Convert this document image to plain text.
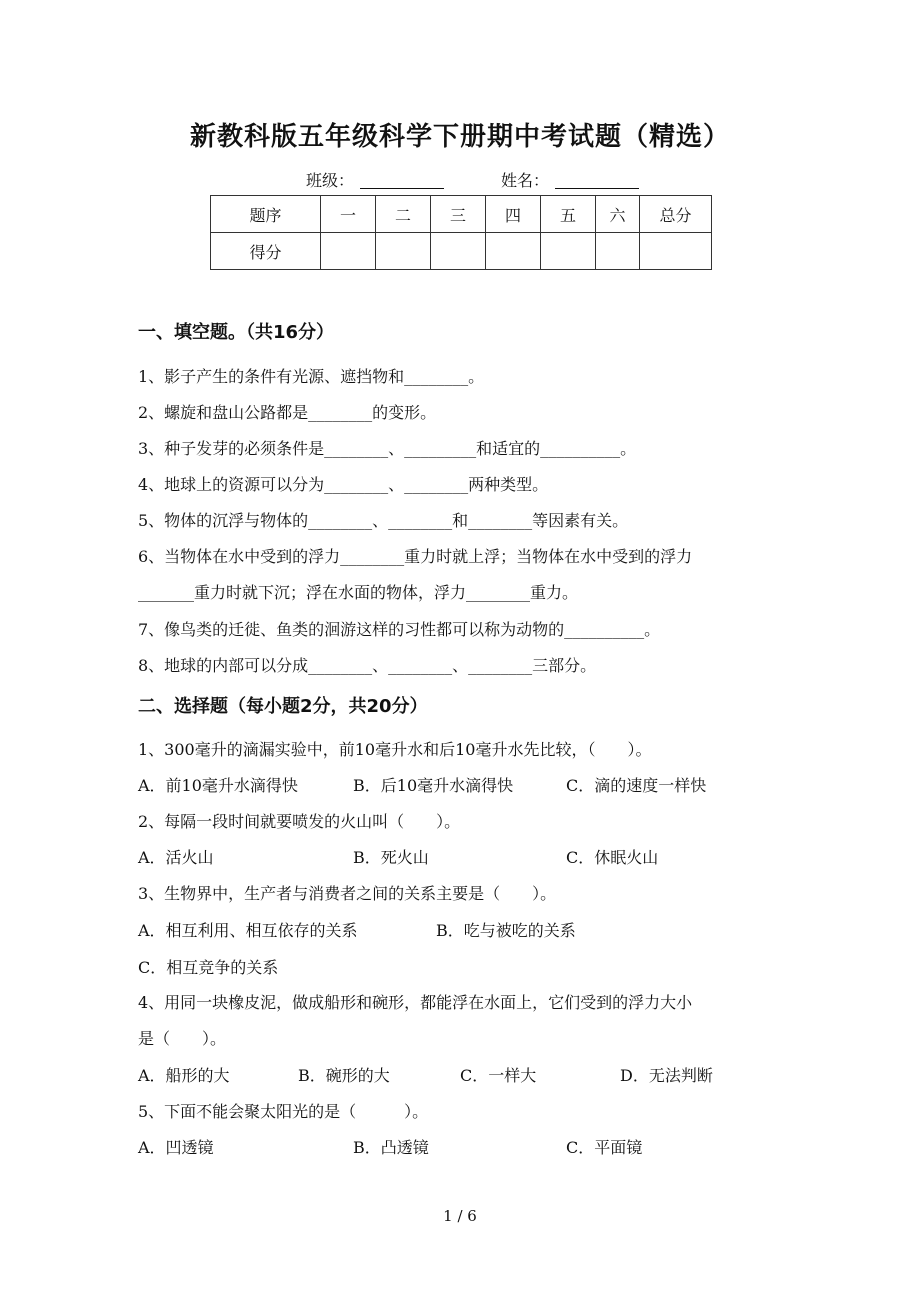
新教科版五年级科学下册期中考试题（精选）
班级：	姓名：
题序	一	二	三	四	五	六	总分
得分							
一、填空题。（共16分）
1、影子产生的条件有光源、遮挡物和________。
2、螺旋和盘山公路都是________的变形。
3、种子发芽的必须条件是________、_________和适宜的__________。
4、地球上的资源可以分为________、________两种类型。
5、物体的沉浮与物体的________、________和________等因素有关。
6、当物体在水中受到的浮力________重力时就上浮；当物体在水中受到的浮力
_______重力时就下沉；浮在水面的物体，浮力________重力。
7、像鸟类的迁徙、鱼类的洄游这样的习性都可以称为动物的__________。
8、地球的内部可以分成________、________、________三部分。
二、选择题（每小题2分，共20分）
1、300毫升的滴漏实验中，前10毫升水和后10毫升水先比较，（　　）。
A．前10毫升水滴得快	B．后10毫升水滴得快	C．滴的速度一样快
2、每隔一段时间就要喷发的火山叫（　　）。
A．活火山	B．死火山	C．休眠火山
3、生物界中，生产者与消费者之间的关系主要是（　　）。
A．相互利用、相互依存的关系	B．吃与被吃的关系
C．相互竞争的关系
4、用同一块橡皮泥，做成船形和碗形，都能浮在水面上，它们受到的浮力大小
是（　　）。
A．船形的大	B．碗形的大	C．一样大	D．无法判断
5、下面不能会聚太阳光的是（　　　）。
A．凹透镜	B．凸透镜	C．平面镜
1 / 6
